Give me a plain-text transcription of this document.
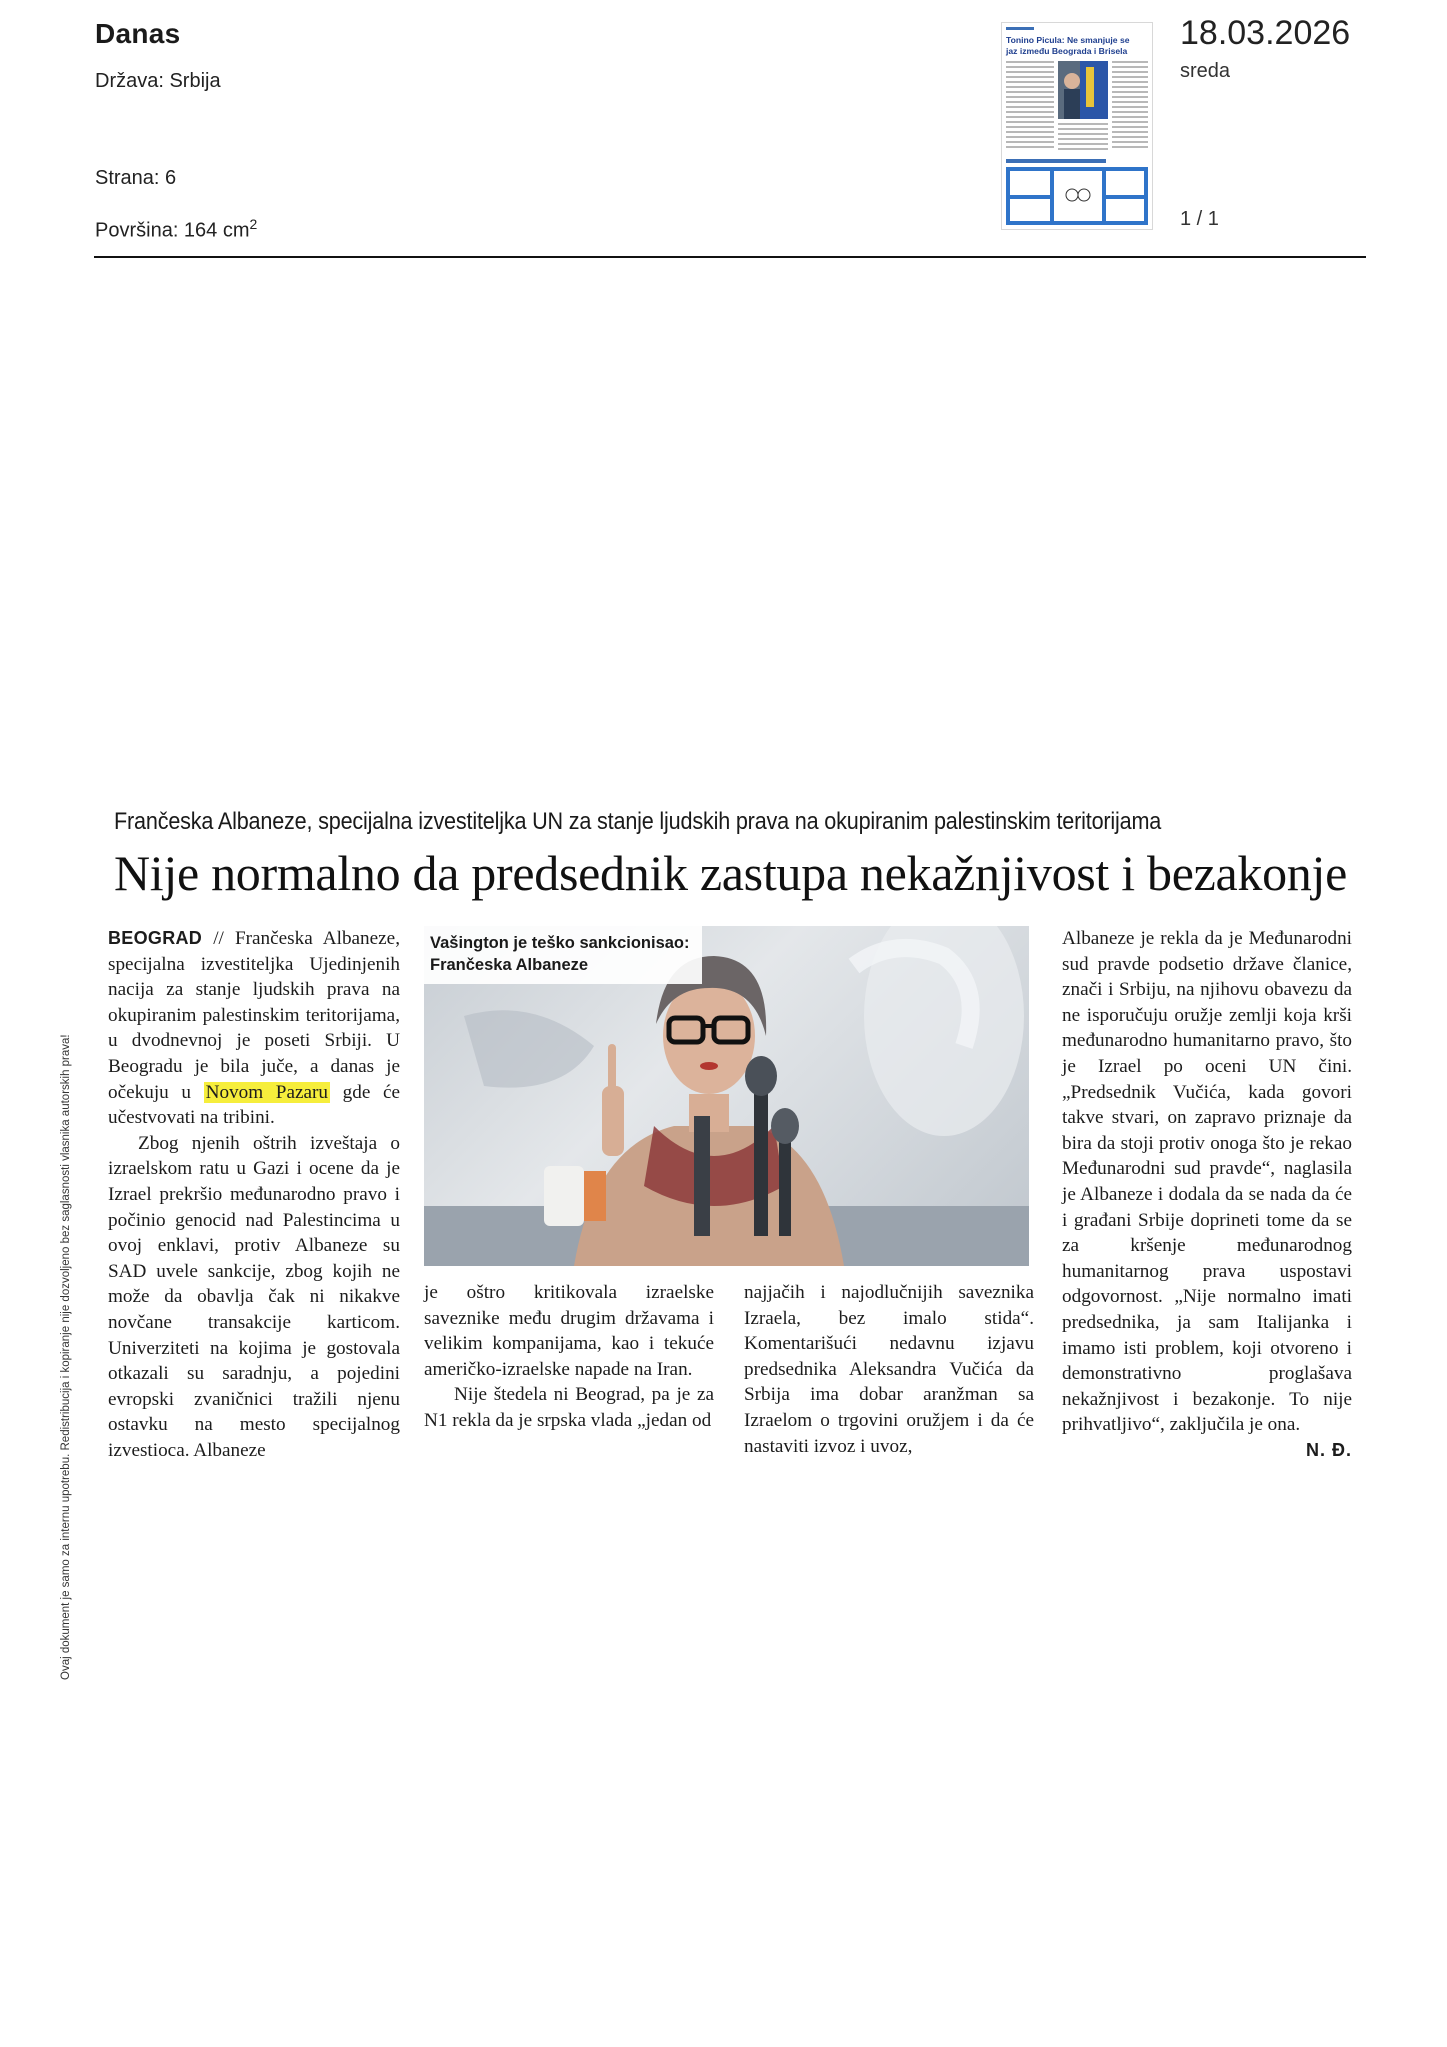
Danas
Država: Srbija
Strana: 6
Površina: 164 $cm^2$
Tonino Picula: Ne smanjuje se
jaz između Beograda i Brisela 18.03.2026
sreda
1 / 1
Frančeska Albaneze, specijalna izvestiteljka UN za stanje ljudskih prava na okupiranim palestinskim teritorijama
Nije normalno da predsednik zastupa nekažnjivost i bezakonje

BEOGRAD // Frančeska Albaneze, specijalna izvestiteljka Ujedinjenih nacija za stanje ljudskih prava na okupiranim palestinskim teritorijama, u dvodnevnoj je poseti Srbiji. U Beogradu je bila juče, a danas je očekuju u Novom Pazaru gde će učestvovati na tribini.

Zbog njenih oštrih izveštaja o izraelskom ratu u Gazi i ocene da je Izrael prekršio međunarodno pravo i počinio genocid nad Palestincima u ovoj enklavi, protiv Albaneze su SAD uvele sankcije, zbog kojih ne može da obavlja čak ni nikakve novčane transakcije karticom. Univerziteti na kojima je gostovala otkazali su saradnju, a pojedini evropski zvaničnici tražili njenu ostavku na mesto specijalnog izvestioca. Albaneze

Vašington je teško sankcionisao:
Frančeska Albaneze

je oštro kritikovala izraelske saveznike među drugim državama i velikim kompanijama, kao i tekuće američko-izraelske napade na Iran.

Nije štedela ni Beograd, pa je za N1 rekla da je srpska vlada „jedan od

najjačih i najodlučnijih saveznika Izraela, bez imalo stida“. Komentarišući nedavnu izjavu predsednika Aleksandra Vučića da Srbija ima dobar aranžman sa Izraelom o trgovini oružjem i da će nastaviti izvoz i uvoz,

Albaneze je rekla da je Međunarodni sud pravde podsetio države članice, znači i Srbiju, na njihovu obavezu da ne isporučuju oružje zemlji koja krši međunarodno humanitarno pravo, što je Izrael po oceni UN čini. „Predsednik Vučića, kada govori takve stvari, on zapravo priznaje da bira da stoji protiv onoga što je rekao Međunarodni sud pravde“, naglasila je Albaneze i dodala da se nada da će i građani Srbije doprineti tome da se za kršenje međunarodnog humanitarnog prava uspostavi odgovornost. „Nije normalno imati predsednika, ja sam Italijanka i imamo isti problem, koji otvoreno i demonstrativno proglašava nekažnjivost i bezakonje. To nije prihvatljivo“, zaključila je ona.

N. Đ.
Ovaj dokument je samo za internu upotrebu. Redistribucija i kopiranje nije dozvoljeno bez saglasnosti vlasnika autorskih prava!
